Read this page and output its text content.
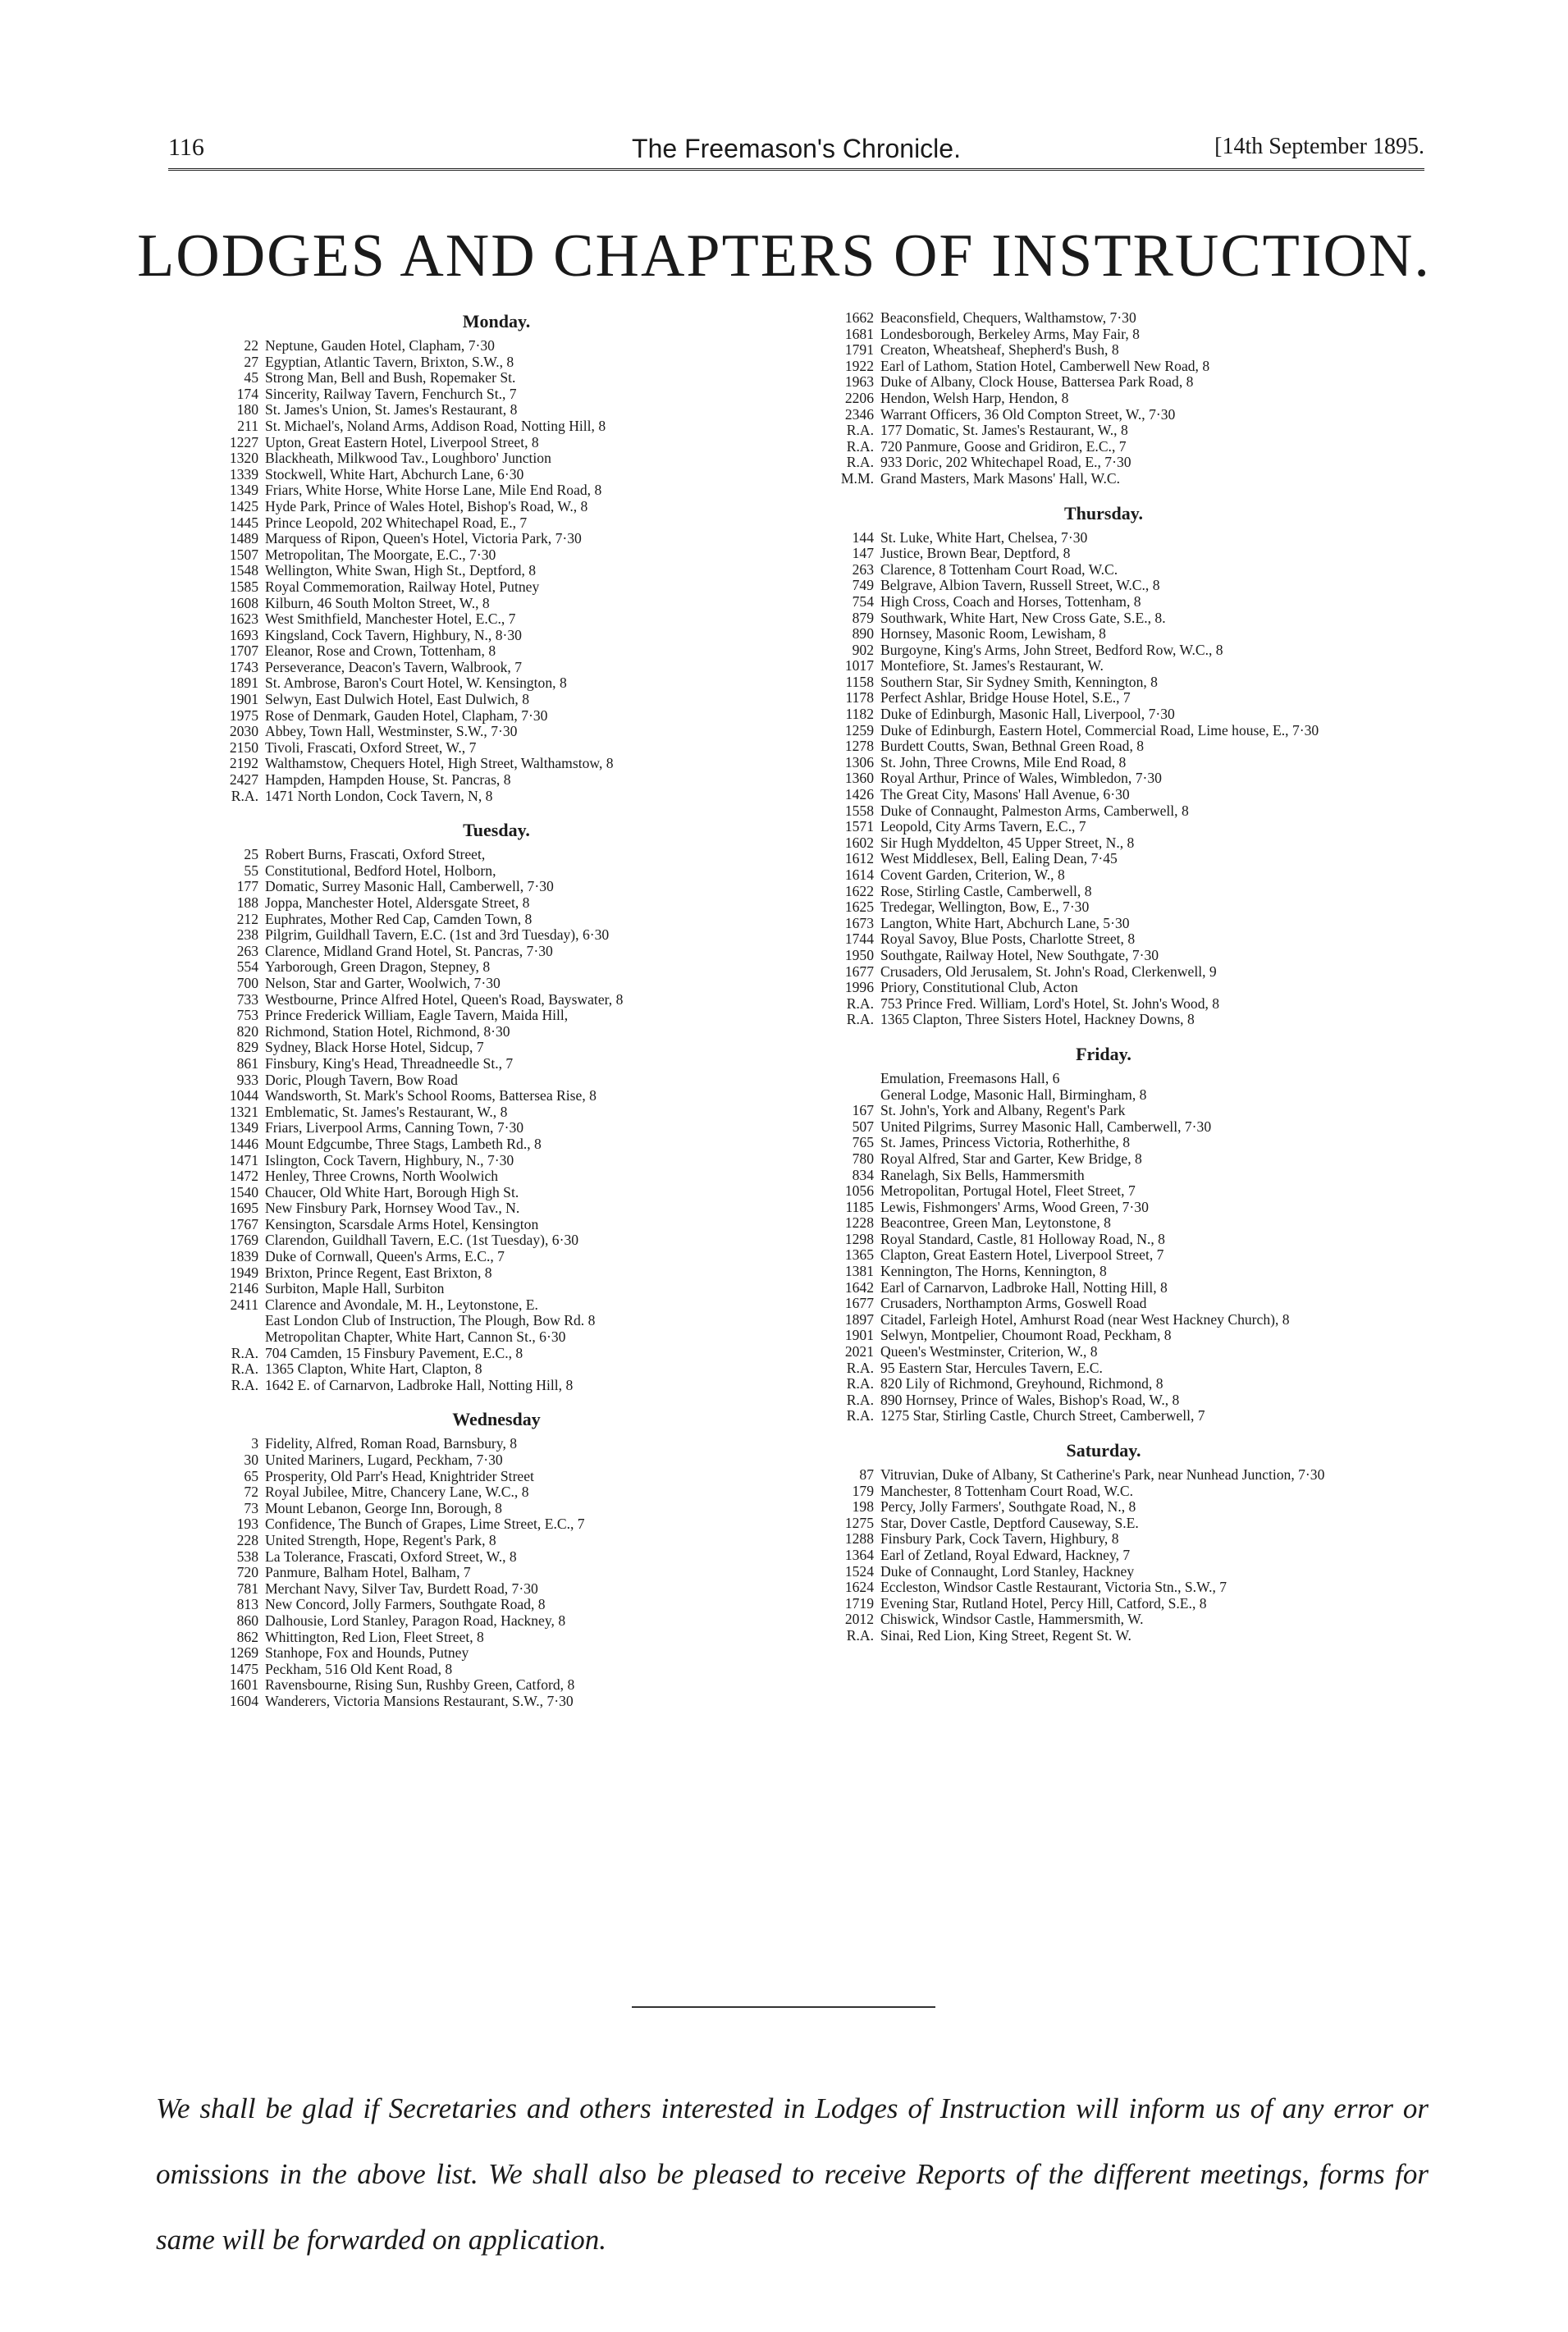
116	The Freemason's Chronicle.	[14th September 1895.
LODGES AND CHAPTERS OF INSTRUCTION.
Monday.
22 Neptune, Gauden Hotel, Clapham, 7·30
27 Egyptian, Atlantic Tavern, Brixton, S.W., 8
45 Strong Man, Bell and Bush, Ropemaker St.
174 Sincerity, Railway Tavern, Fenchurch St., 7
180 St. James's Union, St. James's Restaurant, 8
211 St. Michael's, Noland Arms, Addison Road, Notting Hill, 8
1227 Upton, Great Eastern Hotel, Liverpool Street, 8
1320 Blackheath, Milkwood Tav., Loughboro' Junction
1339 Stockwell, White Hart, Abchurch Lane, 6·30
1349 Friars, White Horse, White Horse Lane, Mile End Road, 8
1425 Hyde Park, Prince of Wales Hotel, Bishop's Road, W., 8
1445 Prince Leopold, 202 Whitechapel Road, E., 7
1489 Marquess of Ripon, Queen's Hotel, Victoria Park, 7·30
1507 Metropolitan, The Moorgate, E.C., 7·30
1548 Wellington, White Swan, High St., Deptford, 8
1585 Royal Commemoration, Railway Hotel, Putney
1608 Kilburn, 46 South Molton Street, W., 8
1623 West Smithfield, Manchester Hotel, E.C., 7
1693 Kingsland, Cock Tavern, Highbury, N., 8·30
1707 Eleanor, Rose and Crown, Tottenham, 8
1743 Perseverance, Deacon's Tavern, Walbrook, 7
1891 St. Ambrose, Baron's Court Hotel, W. Kensington, 8
1901 Selwyn, East Dulwich Hotel, East Dulwich, 8
1975 Rose of Denmark, Gauden Hotel, Clapham, 7·30
2030 Abbey, Town Hall, Westminster, S.W., 7·30
2150 Tivoli, Frascati, Oxford Street, W., 7
2192 Walthamstow, Chequers Hotel, High Street, Walthamstow, 8
2427 Hampden, Hampden House, St. Pancras, 8
R.A. 1471 North London, Cock Tavern, N, 8
Tuesday.
25 Robert Burns, Frascati, Oxford Street,
55 Constitutional, Bedford Hotel, Holborn,
177 Domatic, Surrey Masonic Hall, Camberwell, 7·30
188 Joppa, Manchester Hotel, Aldersgate Street, 8
212 Euphrates, Mother Red Cap, Camden Town, 8
238 Pilgrim, Guildhall Tavern, E.C. (1st and 3rd Tuesday), 6·30
263 Clarence, Midland Grand Hotel, St. Pancras, 7·30
554 Yarborough, Green Dragon, Stepney, 8
700 Nelson, Star and Garter, Woolwich, 7·30
733 Westbourne, Prince Alfred Hotel, Queen's Road, Bayswater, 8
753 Prince Frederick William, Eagle Tavern, Maida Hill,
820 Richmond, Station Hotel, Richmond, 8·30
829 Sydney, Black Horse Hotel, Sidcup, 7
861 Finsbury, King's Head, Threadneedle St., 7
933 Doric, Plough Tavern, Bow Road
1044 Wandsworth, St. Mark's School Rooms, Battersea Rise, 8
1321 Emblematic, St. James's Restaurant, W., 8
1349 Friars, Liverpool Arms, Canning Town, 7·30
1446 Mount Edgcumbe, Three Stags, Lambeth Rd., 8
1471 Islington, Cock Tavern, Highbury, N., 7·30
1472 Henley, Three Crowns, North Woolwich
1540 Chaucer, Old White Hart, Borough High St.
1695 New Finsbury Park, Hornsey Wood Tav., N.
1767 Kensington, Scarsdale Arms Hotel, Kensington
1769 Clarendon, Guildhall Tavern, E.C. (1st Tuesday), 6·30
1839 Duke of Cornwall, Queen's Arms, E.C., 7
1949 Brixton, Prince Regent, East Brixton, 8
2146 Surbiton, Maple Hall, Surbiton
2411 Clarence and Avondale, M. H., Leytonstone, E.
East London Club of Instruction, The Plough, Bow Rd. 8
Metropolitan Chapter, White Hart, Cannon St., 6·30
R.A. 704 Camden, 15 Finsbury Pavement, E.C., 8
R.A. 1365 Clapton, White Hart, Clapton, 8
R.A. 1642 E. of Carnarvon, Ladbroke Hall, Notting Hill, 8
Wednesday
3 Fidelity, Alfred, Roman Road, Barnsbury, 8
30 United Mariners, Lugard, Peckham, 7·30
65 Prosperity, Old Parr's Head, Knightrider Street
72 Royal Jubilee, Mitre, Chancery Lane, W.C., 8
73 Mount Lebanon, George Inn, Borough, 8
193 Confidence, The Bunch of Grapes, Lime Street, E.C., 7
228 United Strength, Hope, Regent's Park, 8
538 La Tolerance, Frascati, Oxford Street, W., 8
720 Panmure, Balham Hotel, Balham, 7
781 Merchant Navy, Silver Tav, Burdett Road, 7·30
813 New Concord, Jolly Farmers, Southgate Road, 8
860 Dalhousie, Lord Stanley, Paragon Road, Hackney, 8
862 Whittington, Red Lion, Fleet Street, 8
1269 Stanhope, Fox and Hounds, Putney
1475 Peckham, 516 Old Kent Road, 8
1601 Ravensbourne, Rising Sun, Rushby Green, Catford, 8
1604 Wanderers, Victoria Mansions Restaurant, S.W., 7·30
1662 Beaconsfield, Chequers, Walthamstow, 7·30
1681 Londesborough, Berkeley Arms, May Fair, 8
1791 Creaton, Wheatsheaf, Shepherd's Bush, 8
1922 Earl of Lathom, Station Hotel, Camberwell New Road, 8
1963 Duke of Albany, Clock House, Battersea Park Road, 8
2206 Hendon, Welsh Harp, Hendon, 8
2346 Warrant Officers, 36 Old Compton Street, W., 7·30
R.A. 177 Domatic, St. James's Restaurant, W., 8
R.A. 720 Panmure, Goose and Gridiron, E.C., 7
R.A. 933 Doric, 202 Whitechapel Road, E., 7·30
M.M. Grand Masters, Mark Masons' Hall, W.C.
Thursday.
144 St. Luke, White Hart, Chelsea, 7·30
147 Justice, Brown Bear, Deptford, 8
263 Clarence, 8 Tottenham Court Road, W.C.
749 Belgrave, Albion Tavern, Russell Street, W.C., 8
754 High Cross, Coach and Horses, Tottenham, 8
879 Southwark, White Hart, New Cross Gate, S.E., 8.
890 Hornsey, Masonic Room, Lewisham, 8
902 Burgoyne, King's Arms, John Street, Bedford Row, W.C., 8
1017 Montefiore, St. James's Restaurant, W.
1158 Southern Star, Sir Sydney Smith, Kennington, 8
1178 Perfect Ashlar, Bridge House Hotel, S.E., 7
1182 Duke of Edinburgh, Masonic Hall, Liverpool, 7·30
1259 Duke of Edinburgh, Eastern Hotel, Commercial Road, Lime house, E., 7·30
1278 Burdett Coutts, Swan, Bethnal Green Road, 8
1306 St. John, Three Crowns, Mile End Road, 8
1360 Royal Arthur, Prince of Wales, Wimbledon, 7·30
1426 The Great City, Masons' Hall Avenue, 6·30
1558 Duke of Connaught, Palmeston Arms, Camberwell, 8
1571 Leopold, City Arms Tavern, E.C., 7
1602 Sir Hugh Myddelton, 45 Upper Street, N., 8
1612 West Middlesex, Bell, Ealing Dean, 7·45
1614 Covent Garden, Criterion, W., 8
1622 Rose, Stirling Castle, Camberwell, 8
1625 Tredegar, Wellington, Bow, E., 7·30
1673 Langton, White Hart, Abchurch Lane, 5·30
1744 Royal Savoy, Blue Posts, Charlotte Street, 8
1950 Southgate, Railway Hotel, New Southgate, 7·30
1677 Crusaders, Old Jerusalem, St. John's Road, Clerkenwell, 9
1996 Priory, Constitutional Club, Acton
R.A. 753 Prince Fred. William, Lord's Hotel, St. John's Wood, 8
R.A. 1365 Clapton, Three Sisters Hotel, Hackney Downs, 8
Friday.
Emulation, Freemasons Hall, 6
General Lodge, Masonic Hall, Birmingham, 8
167 St. John's, York and Albany, Regent's Park
507 United Pilgrims, Surrey Masonic Hall, Camberwell, 7·30
765 St. James, Princess Victoria, Rotherhithe, 8
780 Royal Alfred, Star and Garter, Kew Bridge, 8
834 Ranelagh, Six Bells, Hammersmith
1056 Metropolitan, Portugal Hotel, Fleet Street, 7
1185 Lewis, Fishmongers' Arms, Wood Green, 7·30
1228 Beacontree, Green Man, Leytonstone, 8
1298 Royal Standard, Castle, 81 Holloway Road, N., 8
1365 Clapton, Great Eastern Hotel, Liverpool Street, 7
1381 Kennington, The Horns, Kennington, 8
1642 Earl of Carnarvon, Ladbroke Hall, Notting Hill, 8
1677 Crusaders, Northampton Arms, Goswell Road
1897 Citadel, Farleigh Hotel, Amhurst Road (near West Hackney Church), 8
1901 Selwyn, Montpelier, Choumont Road, Peckham, 8
2021 Queen's Westminster, Criterion, W., 8
R.A. 95 Eastern Star, Hercules Tavern, E.C.
R.A. 820 Lily of Richmond, Greyhound, Richmond, 8
R.A. 890 Hornsey, Prince of Wales, Bishop's Road, W., 8
R.A. 1275 Star, Stirling Castle, Church Street, Camberwell, 7
Saturday.
87 Vitruvian, Duke of Albany, St Catherine's Park, near Nunhead Junction, 7·30
179 Manchester, 8 Tottenham Court Road, W.C.
198 Percy, Jolly Farmers', Southgate Road, N., 8
1275 Star, Dover Castle, Deptford Causeway, S.E.
1288 Finsbury Park, Cock Tavern, Highbury, 8
1364 Earl of Zetland, Royal Edward, Hackney, 7
1524 Duke of Connaught, Lord Stanley, Hackney
1624 Eccleston, Windsor Castle Restaurant, Victoria Stn., S.W., 7
1719 Evening Star, Rutland Hotel, Percy Hill, Catford, S.E., 8
2012 Chiswick, Windsor Castle, Hammersmith, W.
R.A. Sinai, Red Lion, King Street, Regent St. W.

We shall be glad if Secretaries and others interested in Lodges of Instruction will inform us of any error or omissions in the above list. We shall also be pleased to receive Reports of the different meetings, forms for same will be forwarded on application.
